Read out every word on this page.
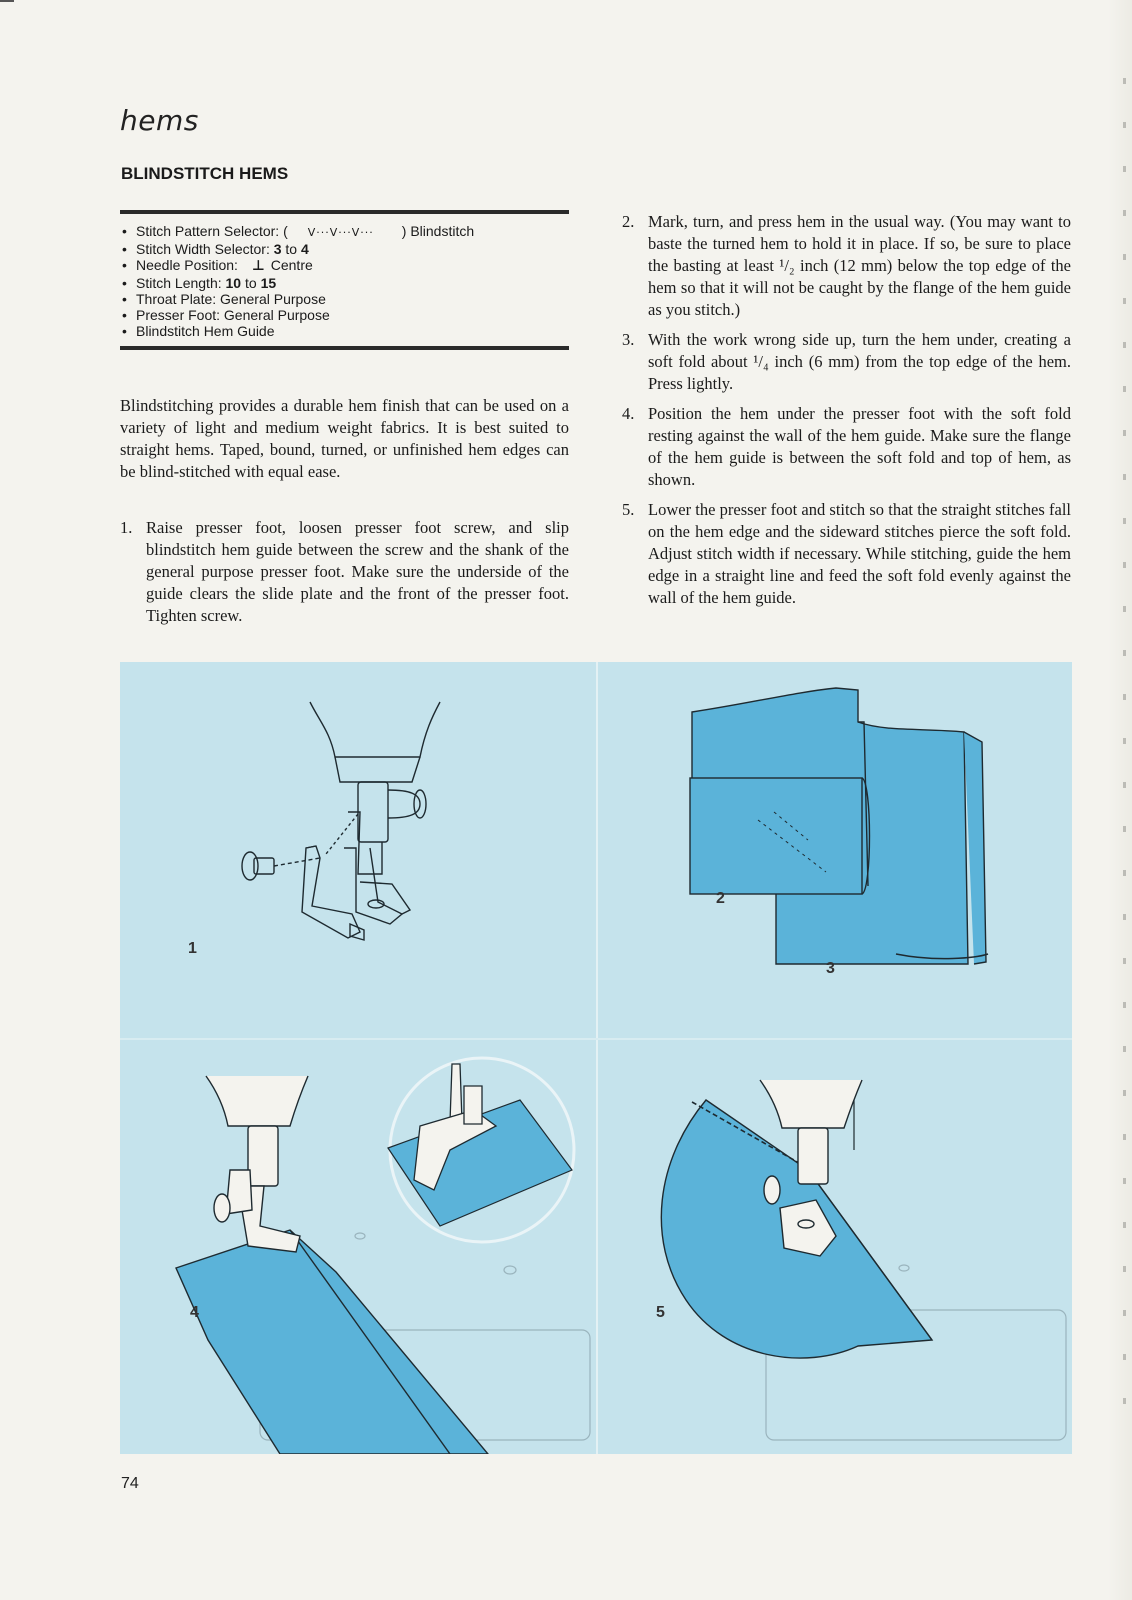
hems
BLINDSTITCH HEMS
• Stitch Pattern Selector: ( V···V···V··· ) Blindstitch
• Stitch Width Selector: 3 to 4
• Needle Position: ⊥ Centre
• Stitch Length: 10 to 15
• Throat Plate: General Purpose
• Presser Foot: General Purpose
• Blindstitch Hem Guide

Blindstitching provides a durable hem finish that can be used on a variety of light and medium weight fabrics. It is best suited to straight hems. Taped, bound, turned, or unfinished hem edges can be blind-stitched with equal ease.

1. Raise presser foot, loosen presser foot screw, and slip blindstitch hem guide between the screw and the shank of the general purpose presser foot. Make sure the underside of the guide clears the slide plate and the front of the presser foot. Tighten screw.
2. Mark, turn, and press hem in the usual way. (You may want to baste the turned hem to hold it in place. If so, be sure to place the basting at least ¹/₂ inch (12 mm) below the top edge of the hem so that it will not be caught by the flange of the hem guide as you stitch.)
3. With the work wrong side up, turn the hem under, creating a soft fold about ¹/₄ inch (6 mm) from the top edge of the hem. Press lightly.
4. Position the hem under the presser foot with the soft fold resting against the wall of the hem guide. Make sure the flange of the hem guide is between the soft fold and top of hem, as shown.
5. Lower the presser foot and stitch so that the straight stitches fall on the hem edge and the sideward stitches pierce the soft fold. Adjust stitch width if necessary. While stitching, guide the hem edge in a straight line and feed the soft fold evenly against the wall of the hem guide.
1
2
3
4	5
74
